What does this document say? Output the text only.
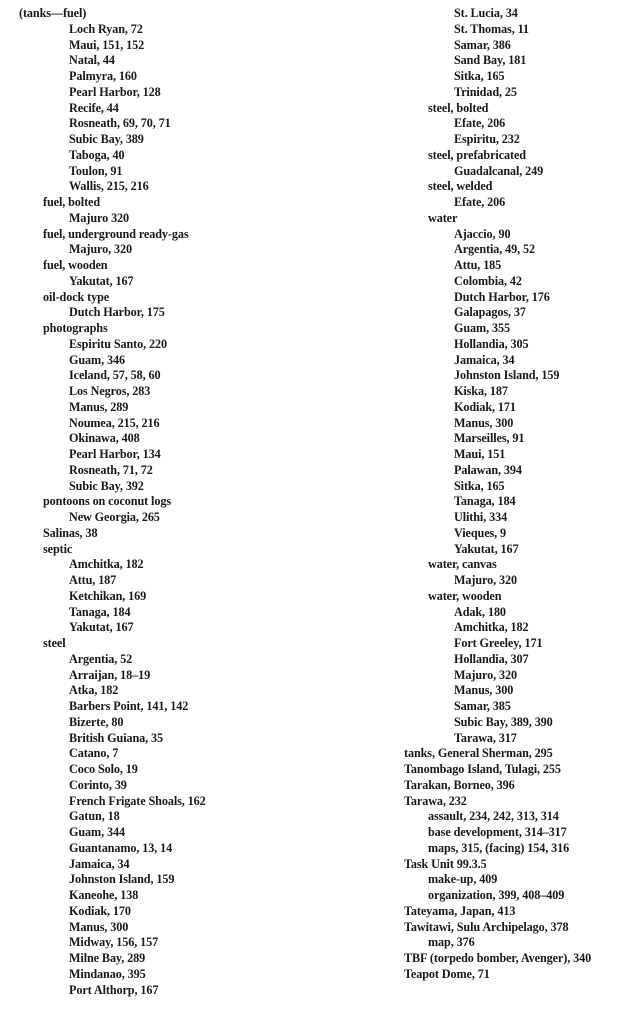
(tanks—fuel)
Loch Ryan, 72
Maui, 151, 152
Natal, 44
Palmyra, 160
Pearl Harbor, 128
Recife, 44
Rosneath, 69, 70, 71
Subic Bay, 389
Taboga, 40
Toulon, 91
Wallis, 215, 216
fuel, bolted
Majuro 320
fuel, underground ready-gas
Majuro, 320
fuel, wooden
Yakutat, 167
oil-dock type
Dutch Harbor, 175
photographs
Espiritu Santo, 220
Guam, 346
Iceland, 57, 58, 60
Los Negros, 283
Manus, 289
Noumea, 215, 216
Okinawa, 408
Pearl Harbor, 134
Rosneath, 71, 72
Subic Bay, 392
pontoons on coconut logs
New Georgia, 265
Salinas, 38
septic
Amchitka, 182
Attu, 187
Ketchikan, 169
Tanaga, 184
Yakutat, 167
steel
Argentia, 52
Arraijan, 18–19
Atka, 182
Barbers Point, 141, 142
Bizerte, 80
British Guiana, 35
Catano, 7
Coco Solo, 19
Corinto, 39
French Frigate Shoals, 162
Gatun, 18
Guam, 344
Guantanamo, 13, 14
Jamaica, 34
Johnston Island, 159
Kaneohe, 138
Kodiak, 170
Manus, 300
Midway, 156, 157
Milne Bay, 289
Mindanao, 395
Port Althorp, 167
St. Lucia, 34
St. Thomas, 11
Samar, 386
Sand Bay, 181
Sitka, 165
Trinidad, 25
steel, bolted
Efate, 206
Espiritu, 232
steel, prefabricated
Guadalcanal, 249
steel, welded
Efate, 206
water
Ajaccio, 90
Argentia, 49, 52
Attu, 185
Colombia, 42
Dutch Harbor, 176
Galapagos, 37
Guam, 355
Hollandia, 305
Jamaica, 34
Johnston Island, 159
Kiska, 187
Kodiak, 171
Manus, 300
Marseilles, 91
Maui, 151
Palawan, 394
Sitka, 165
Tanaga, 184
Ulithi, 334
Vieques, 9
Yakutat, 167
water, canvas
Majuro, 320
water, wooden
Adak, 180
Amchitka, 182
Fort Greeley, 171
Hollandia, 307
Majuro, 320
Manus, 300
Samar, 385
Subic Bay, 389, 390
Tarawa, 317
tanks, General Sherman, 295
Tanombago Island, Tulagi, 255
Tarakan, Borneo, 396
Tarawa, 232
assault, 234, 242, 313, 314
base development, 314–317
maps, 315, (facing) 154, 316
Task Unit 99.3.5
make-up, 409
organization, 399, 408–409
Tateyama, Japan, 413
Tawitawi, Sulu Archipelago, 378
map, 376
TBF (torpedo bomber, Avenger), 340
Teapot Dome, 71
